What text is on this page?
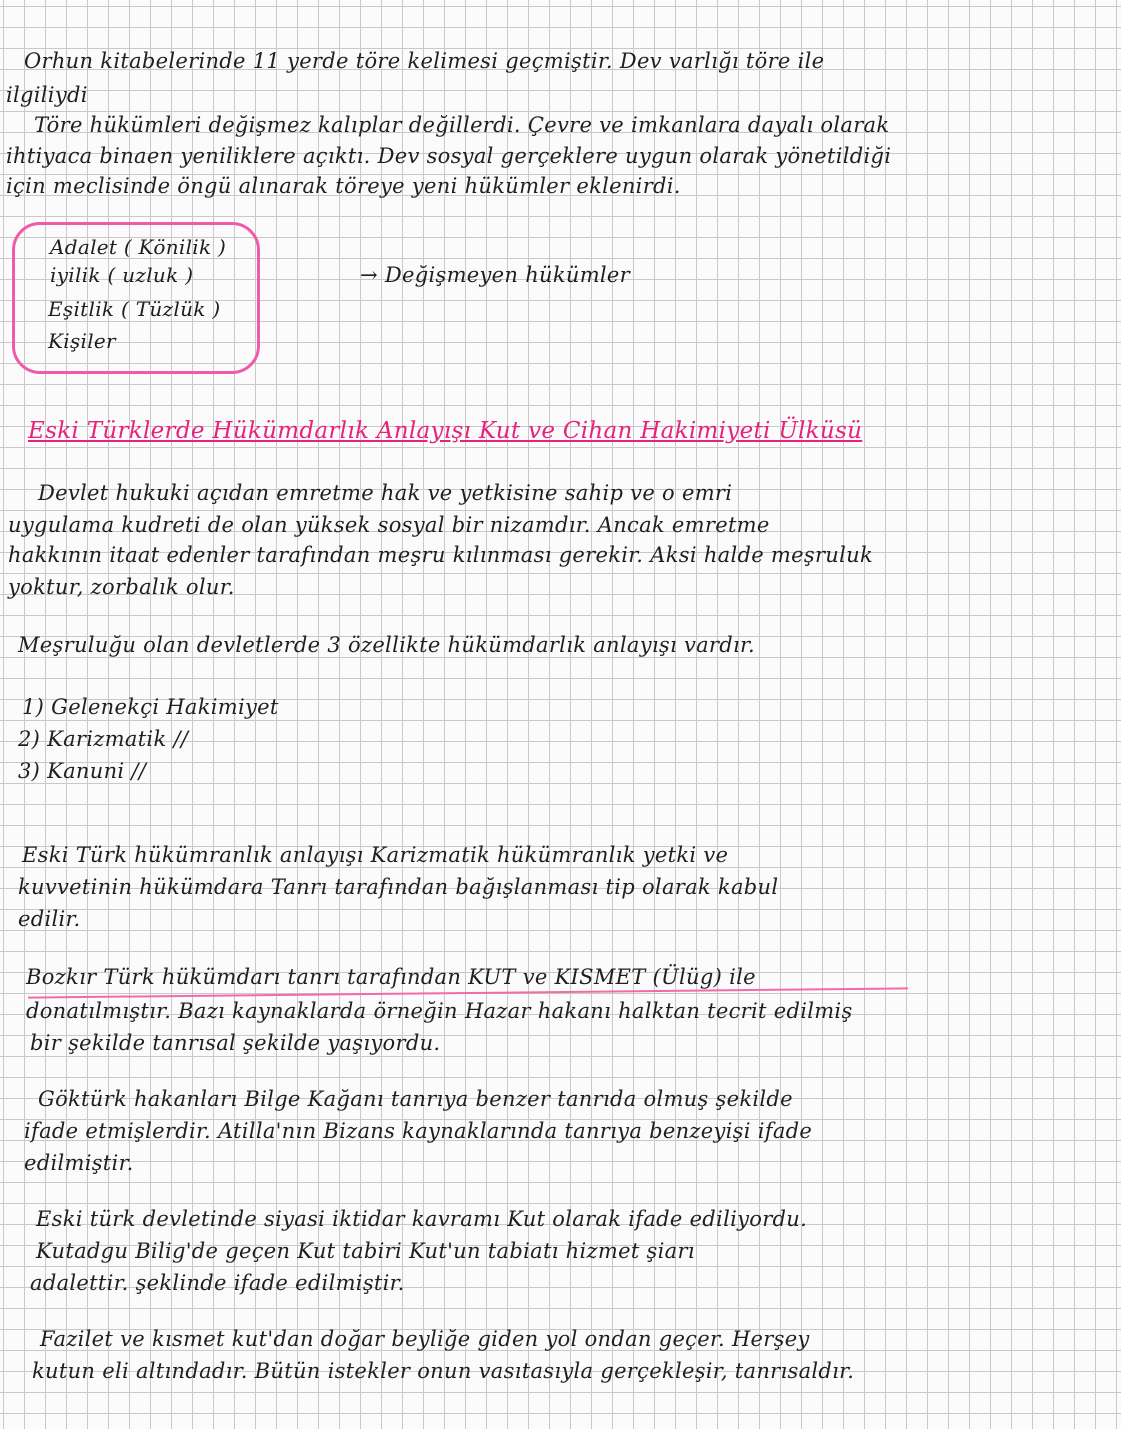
Orhun kitabelerinde 11 yerde töre kelimesi geçmiştir. Dev varlığı töre ile

ilgiliydi

Töre hükümleri değişmez kalıplar değillerdi. Çevre ve imkanlara dayalı olarak

ihtiyaca binaen yeniliklere açıktı. Dev sosyal gerçeklere uygun olarak yönetildiği

için meclisinde öngü alınarak töreye yeni hükümler eklenirdi.

Adalet ( Könilik )

iyilik ( uzluk )

Eşitlik ( Tüzlük )

Kişiler

→ Değişmeyen hükümler

Eski Türklerde Hükümdarlık Anlayışı Kut ve Cihan Hakimiyeti Ülküsü

Devlet hukuki açıdan emretme hak ve yetkisine sahip ve o emri

uygulama kudreti de olan yüksek sosyal bir nizamdır. Ancak emretme

hakkının itaat edenler tarafından meşru kılınması gerekir. Aksi halde meşruluk

yoktur, zorbalık olur.

Meşruluğu olan devletlerde 3 özellikte hükümdarlık anlayışı vardır.

1) Gelenekçi Hakimiyet

2) Karizmatik //

3) Kanuni //

Eski Türk hükümranlık anlayışı Karizmatik hükümranlık yetki ve

kuvvetinin hükümdara Tanrı tarafından bağışlanması tip olarak kabul

edilir.

Bozkır Türk hükümdarı tanrı tarafından KUT ve KISMET (Ülüg) ile

donatılmıştır. Bazı kaynaklarda örneğin Hazar hakanı halktan tecrit edilmiş

bir şekilde tanrısal şekilde yaşıyordu.

Göktürk hakanları Bilge Kağanı tanrıya benzer tanrıda olmuş şekilde

ifade etmişlerdir. Atilla'nın Bizans kaynaklarında tanrıya benzeyişi ifade

edilmiştir.

Eski türk devletinde siyasi iktidar kavramı Kut olarak ifade ediliyordu.

Kutadgu Bilig'de geçen Kut tabiri Kut'un tabiatı hizmet şiarı

adalettir. şeklinde ifade edilmiştir.

Fazilet ve kısmet kut'dan doğar beyliğe giden yol ondan geçer. Herşey

kutun eli altındadır. Bütün istekler onun vasıtasıyla gerçekleşir, tanrısaldır.
